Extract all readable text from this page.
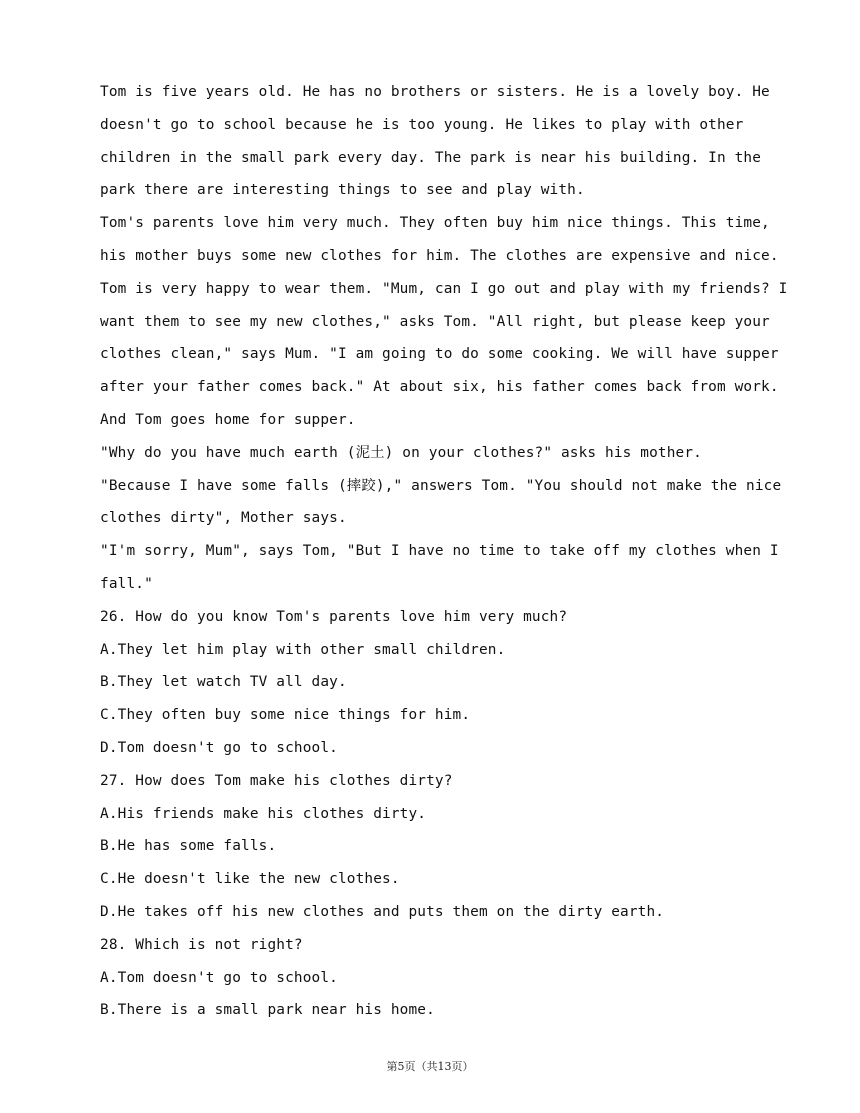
Tom is five years old. He has no brothers or sisters. He is a lovely boy. He
doesn't go to school because he is too young. He likes to play with other
children in the small park every day. The park is near his building. In the
park there are interesting things to see and play with.
Tom's parents love him very much. They often buy him nice things. This time,
his mother buys some new clothes for him. The clothes are expensive and nice.
Tom is very happy to wear them. "Mum, can I go out and play with my friends? I
want them to see my new clothes," asks Tom. "All right, but please keep your
clothes clean," says Mum. "I am going to do some cooking. We will have supper
after your father comes back." At about six, his father comes back from work.
And Tom goes home for supper.
"Why do you have much earth (泥土) on your clothes?" asks his mother.
"Because I have some falls (摔跤)," answers Tom. "You should not make the nice
clothes dirty", Mother says.
"I'm sorry, Mum", says Tom, "But I have no time to take off my clothes when I
fall."
26. How do you know Tom's parents love him very much?
A.They let him play with other small children.
B.They let watch TV all day.
C.They often buy some nice things for him.
D.Tom doesn't go to school.
27. How does Tom make his clothes dirty?
A.His friends make his clothes dirty.
B.He has some falls.
C.He doesn't like the new clothes.
D.He takes off his new clothes and puts them on the dirty earth.
28. Which is not right?
A.Tom doesn't go to school.
B.There is a small park near his home.
第5页（共13页）
